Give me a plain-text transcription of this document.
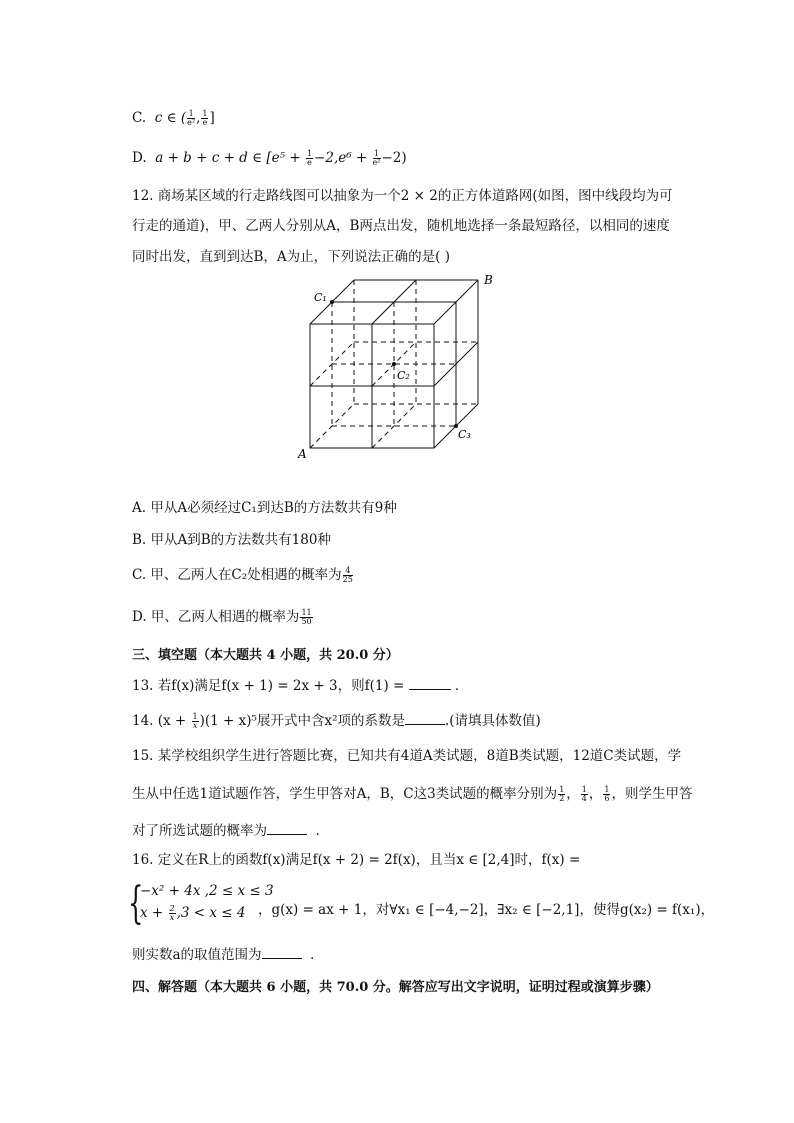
C. c ∈ ( $\frac{1}{\text{e²}}$ , $\frac{1}{e}$ ]
D. a + b + c + d ∈ $[e^5 + \frac{1}{e} -2,e^6 + \frac{1}{\text{e²}} -2)$
12. 商场某区域的行走路线图可以抽象为一个2 × 2的正方体道路网(如图，图中线段均为可
行走的通道)，甲、乙两人分别从A，B两点出发，随机地选择一条最短路径，以相同的速度
同时出发，直到到达B，A为止，下列说法正确的是( )
A
B
C₁
C₂
C₃
A. 甲从A必须经过C₁到达B的方法数共有9种
B. 甲从A到B的方法数共有180种
C. 甲、乙两人在C₂处相遇的概率为 $\frac{4}{25}$
D. 甲、乙两人相遇的概率为 $\frac{11}{50}$
三、填空题（本大题共 4 小题，共 20.0 分）
13. 若f(x)满足f(x + 1) = 2x + 3，则f(1) =	．
14. $(x + \frac{1}{x} )(1 + x)^5$展开式中含x²项的系数是	.(请填具体数值)
15. 某学校组织学生进行答题比赛，已知共有4道A类试题，8道B类试题，12道C类试题，学
生从中任选1道试题作答，学生甲答对A，B，C这3类试题的概率分别为 $\frac{1}{2}$ ， $\frac{1}{4}$ ， $\frac{1}{6}$ ，则学生甲答
对了所选试题的概率为	．
16. 定义在R上的函数f(x)满足f(x + 2) = 2f(x)，且当x ∈ [2,4]时，f(x) =
{
−x² + 4x ,2 ≤ x ≤ 3
$x + \frac{2}{x} ,3 < x \le 4$ ，g(x) = ax + 1，对∀x₁ ∈ [−4,−2]，∃x₂ ∈ [−2,1]，使得g(x₂) = f(x₁)，
则实数a的取值范围为	．
四、解答题（本大题共 6 小题，共 70.0 分。解答应写出文字说明，证明过程或演算步骤）
